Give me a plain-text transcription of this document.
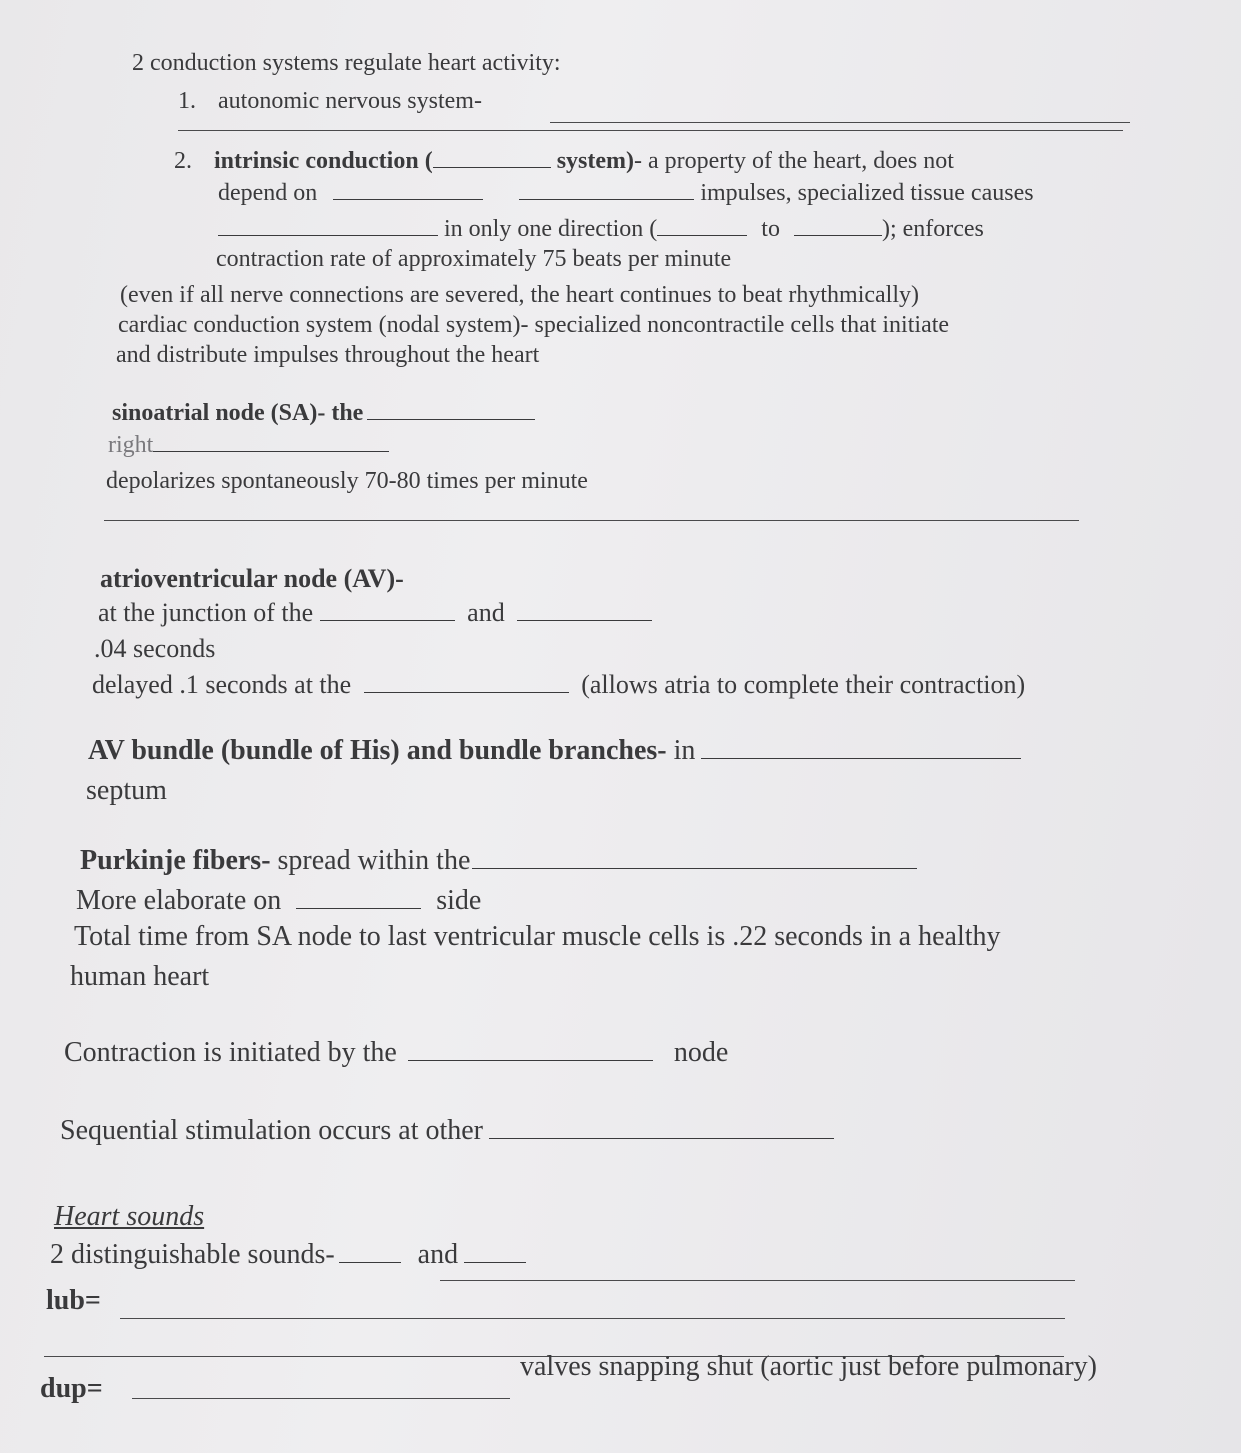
2 conduction systems regulate heart activity:
1. autonomic nervous system-
2. intrinsic conduction (	system)- a property of the heart, does not
depend on	impulses, specialized tissue causes
in only one direction (	to	); enforces
contraction rate of approximately 75 beats per minute
(even if all nerve connections are severed, the heart continues to beat rhythmically)
cardiac conduction system (nodal system)- specialized noncontractile cells that initiate
and distribute impulses throughout the heart
sinoatrial node (SA)- the
right
depolarizes spontaneously 70-80 times per minute
atrioventricular node (AV)-
at the junction of the	and
.04 seconds
delayed .1 seconds at the	(allows atria to complete their contraction)
AV bundle (bundle of His) and bundle branches- in
septum
Purkinje fibers- spread within the
More elaborate on	side
Total time from SA node to last ventricular muscle cells is .22 seconds in a healthy
human heart
Contraction is initiated by the	node
Sequential stimulation occurs at other
Heart sounds
2 distinguishable sounds-	and
lub=
dup=
valves snapping shut (aortic just before pulmonary)
